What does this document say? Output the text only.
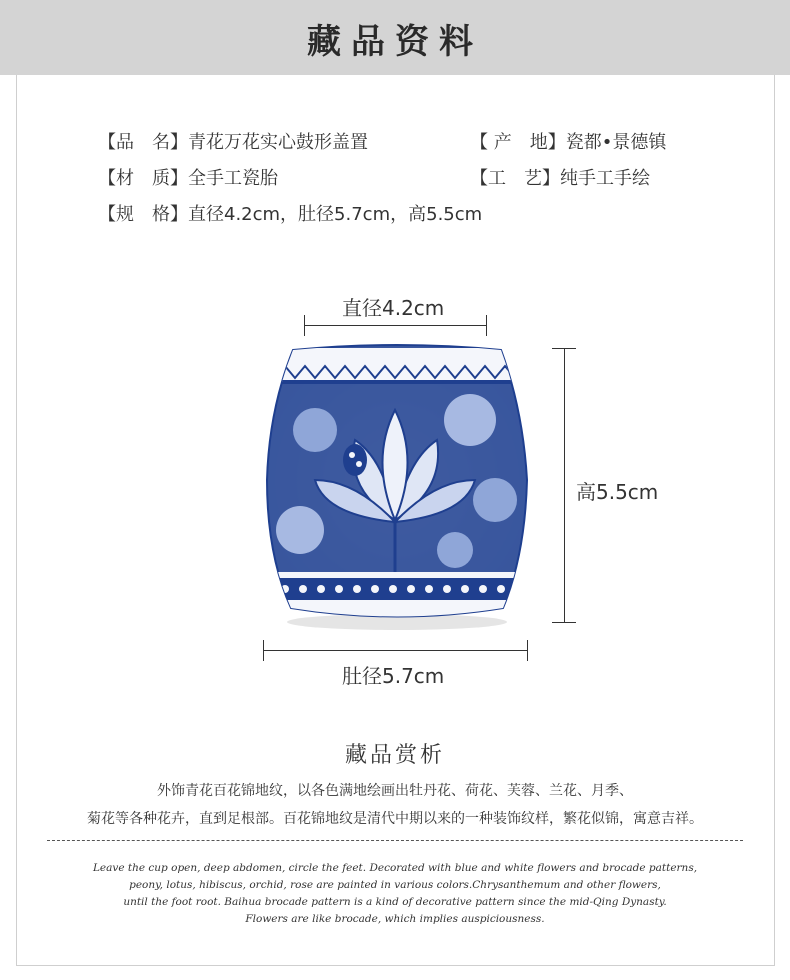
藏品资料
【品　名】青花万花实心鼓形盖置	【 产　地】瓷都•景德镇
【材　质】全手工瓷胎	【工　艺】纯手工手绘
【规　格】直径4.2cm，肚径5.7cm，高5.5cm
直径4.2cm
高5.5cm
肚径5.7cm
藏品赏析
外饰青花百花锦地纹，以各色满地绘画出牡丹花、荷花、芙蓉、兰花、月季、
菊花等各种花卉，直到足根部。百花锦地纹是清代中期以来的一种装饰纹样，繁花似锦，寓意吉祥。
Leave the cup open, deep abdomen, circle the feet. Decorated with blue and white flowers and brocade patterns,
peony, lotus, hibiscus, orchid, rose are painted in various colors.Chrysanthemum and other flowers,
until the foot root. Baihua brocade pattern is a kind of decorative pattern since the mid-Qing Dynasty.
Flowers are like brocade, which implies auspiciousness.
